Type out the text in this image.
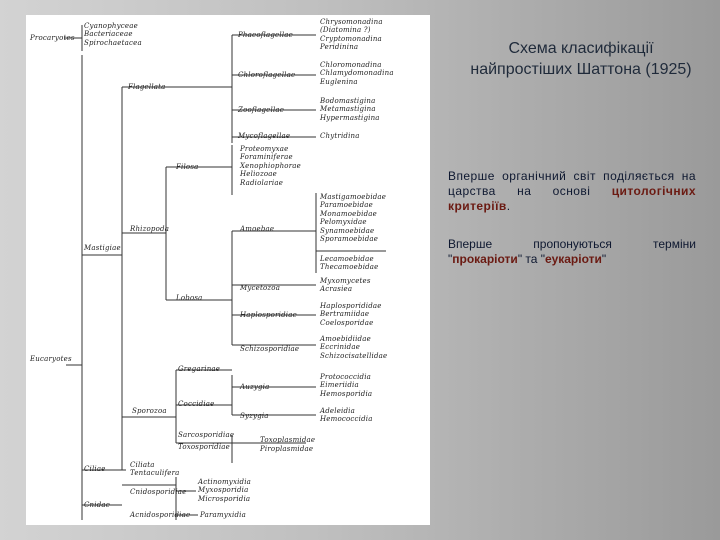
Procaryotes
Cyanophyceae
Bacteriaceae
Spirochaetacea
Eucaryotes
Mastigiae
Flagellata
Phaeoflagellae
Chrysomonadina
(Diatomina ?)
Cryptomonadina
Peridinina
Chloroflagellae
Chloromonadina
Chlamydomonadina
Euglenina
Zooflagellae
Bodomastigina
Metamastigina
Hypermastigina
Mycoflagellae	Chytridina
Filosa
Proteomyxae
Foraminiferae
Xenophiophorae
Heliozoae
Radiolariae
Rhizopoda	Amoebae
Mastigamoebidae
Paramoebidae
Monamoebidae
Pelomyxidae
Synamoebidae
Sporamoebidae
Lecamoebidae
Thecamoebidae
Lobosa
Mycetozoa
Myxomycetes
Acrasiea
Haplosporidiae
Haplosporididae
Bertramiidae
Coelosporidae
Schizosporidiae
Amoebidiidae
Eccrinidae
Schizocisatellidae
Gregarinae
Coccidiae
Sporozoa
Auzygia
Protococcidia
Eimeriidia
Hemosporidia
Syzygia
Adeleidia
Hemococcidia
Sarcosporidiae
Toxosporidiae
Toxoplasmidae
Piroplasmidae
Ciliae	Ciliata
Tentaculifera
Cnidae
Cnidosporidiae
Actinomyxidia
Myxosporidia
Microsporidia
Acnidosporidiae Paramyxidia
Схема класифікації
найпростіших Шаттона (1925)
Вперше органічний світ поділяється на царства на основі цитологічних критеріїв.
Вперше	пропонуються	терміни
"прокаріоти" та "еукаріоти"
